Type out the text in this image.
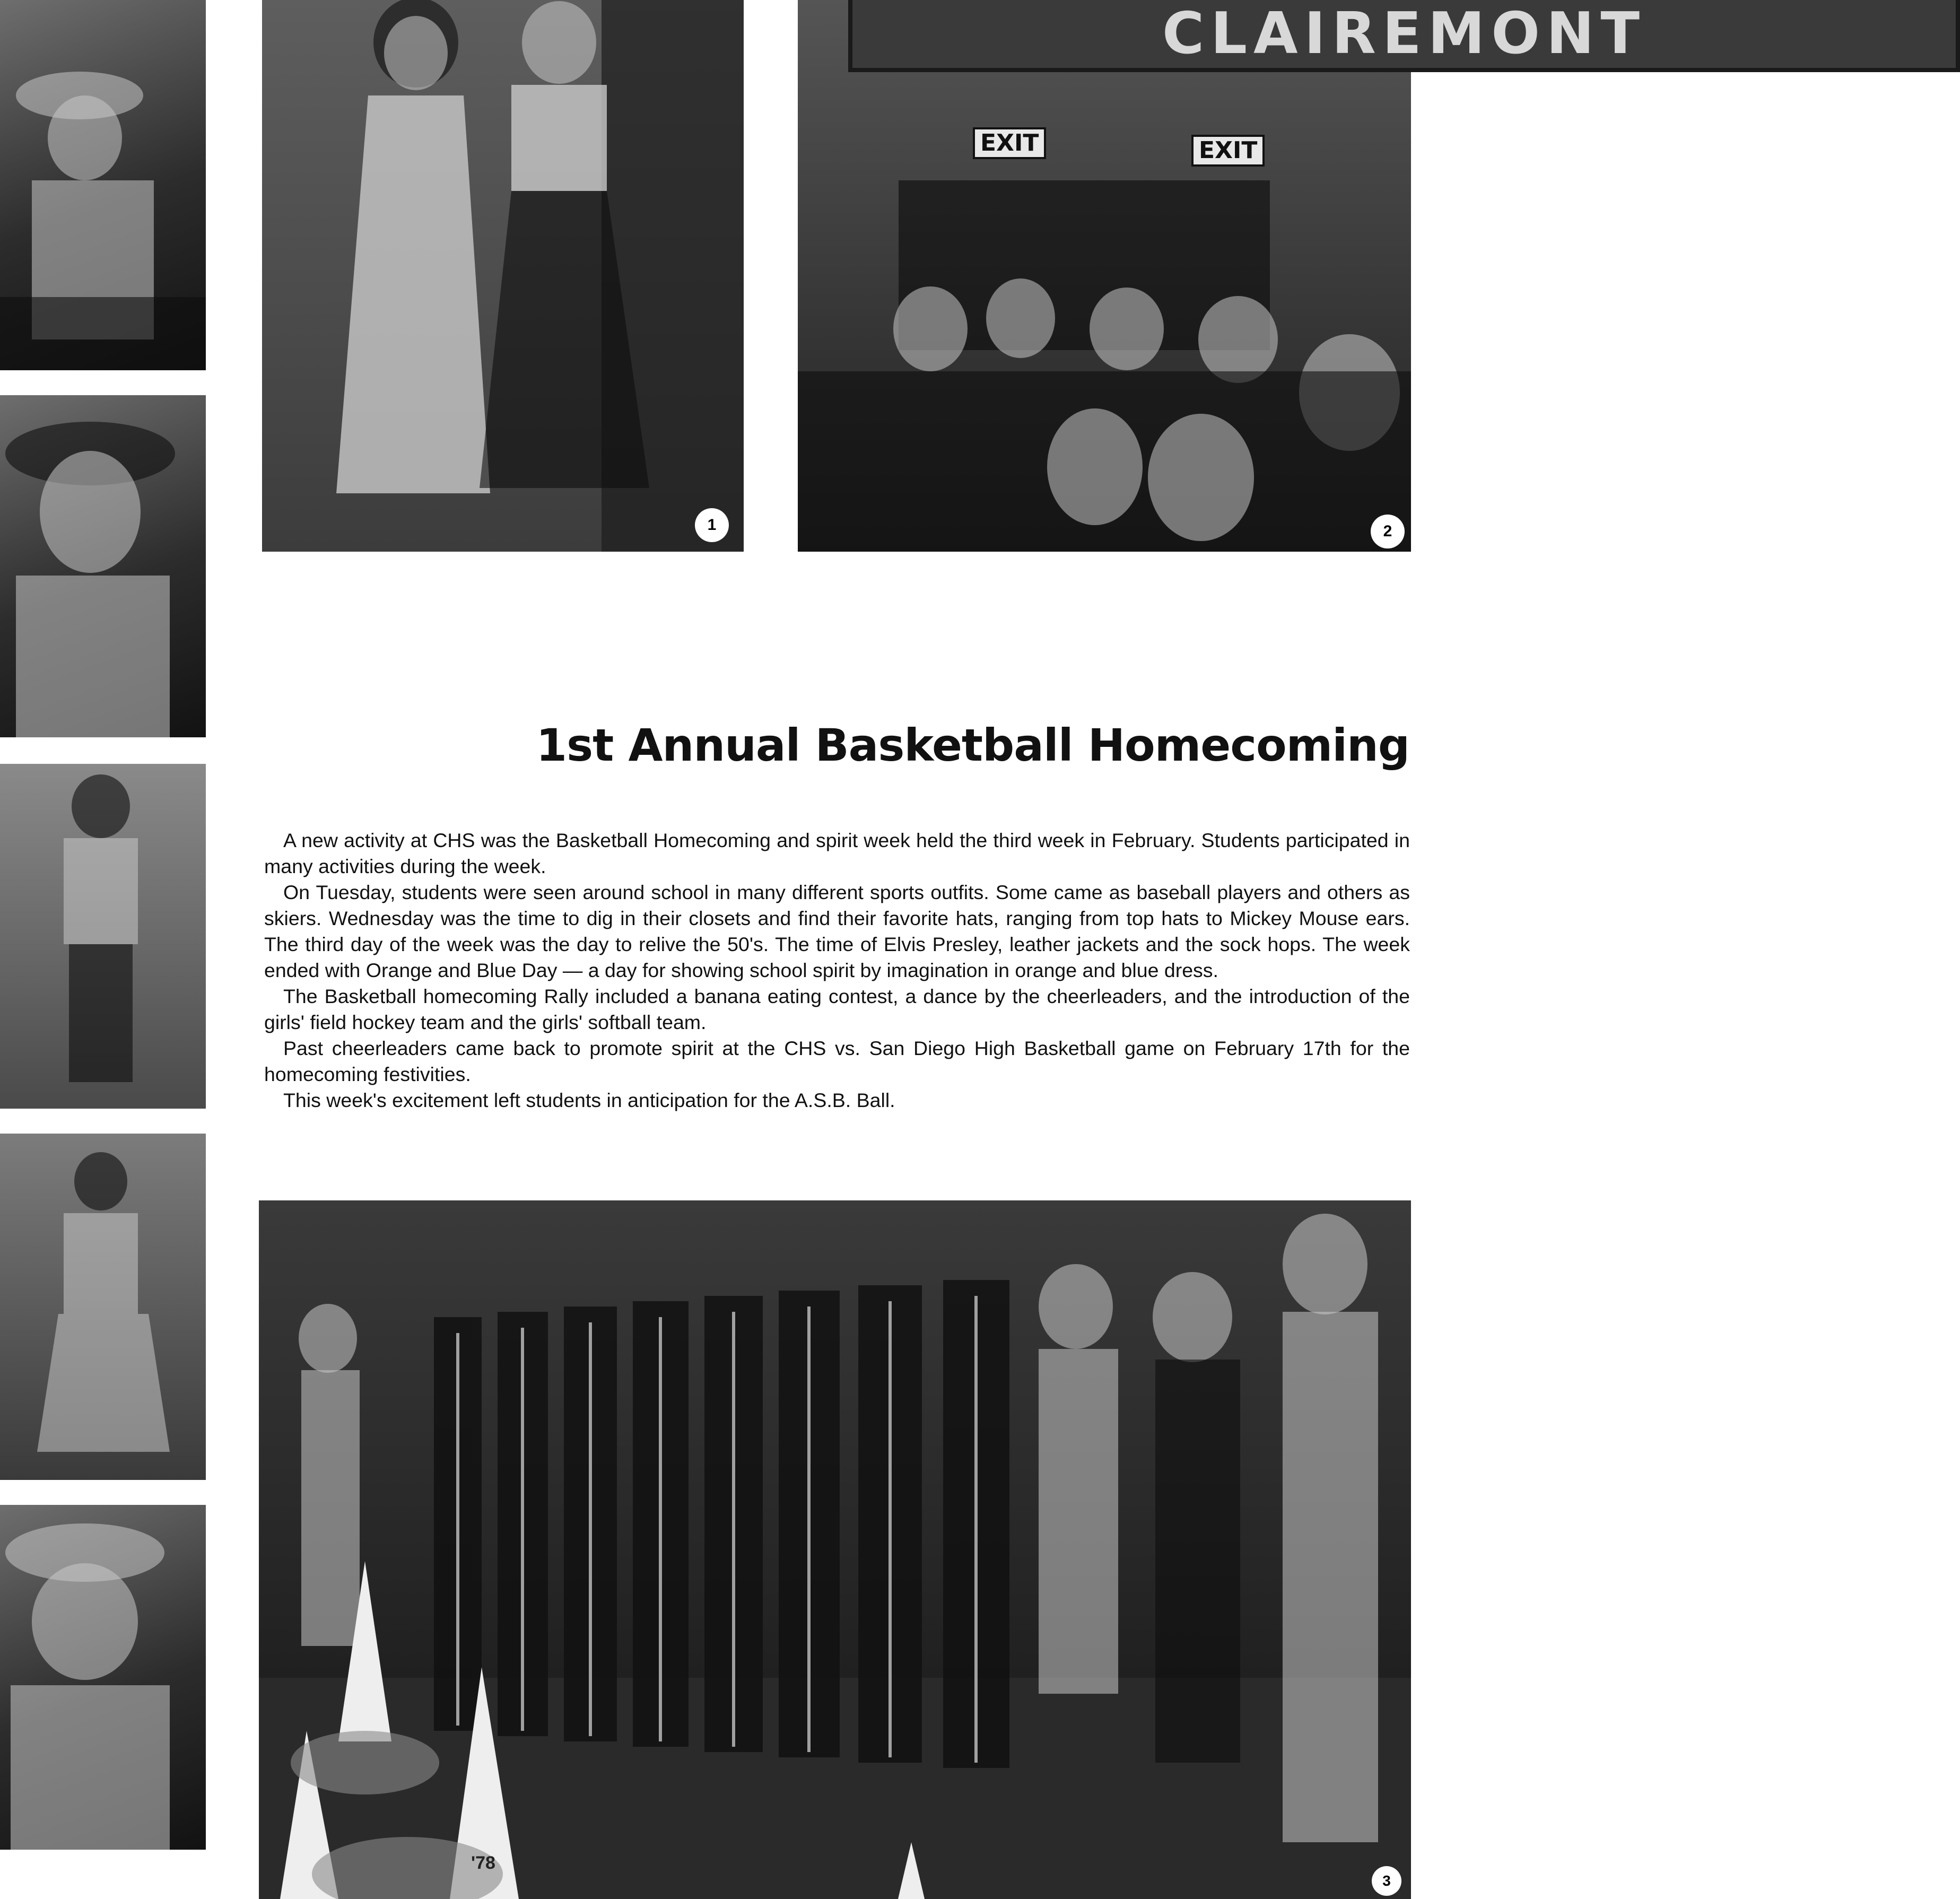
1
CLAIREMONT
EXIT	EXIT
2
1st Annual Basketball Homecoming

A new activity at CHS was the Basketball Homecoming and spirit week held the third week in February. Students participated in many activities during the week.

On Tuesday, students were seen around school in many different sports outfits. Some came as baseball players and others as skiers. Wednesday was the time to dig in their closets and find their favorite hats, ranging from top hats to Mickey Mouse ears. The third day of the week was the day to relive the 50's. The time of Elvis Presley, leather jackets and the sock hops. The week ended with Orange and Blue Day — a day for showing school spirit by imagination in orange and blue dress.

The Basketball homecoming Rally included a banana eating contest, a dance by the cheerleaders, and the introduction of the girls' field hockey team and the girls' softball team.

Past cheerleaders came back to promote spirit at the CHS vs. San Diego High Basketball game on February 17th for the homecoming festivities.

This week's excitement left students in anticipation for the A.S.B. Ball.

'78
3
